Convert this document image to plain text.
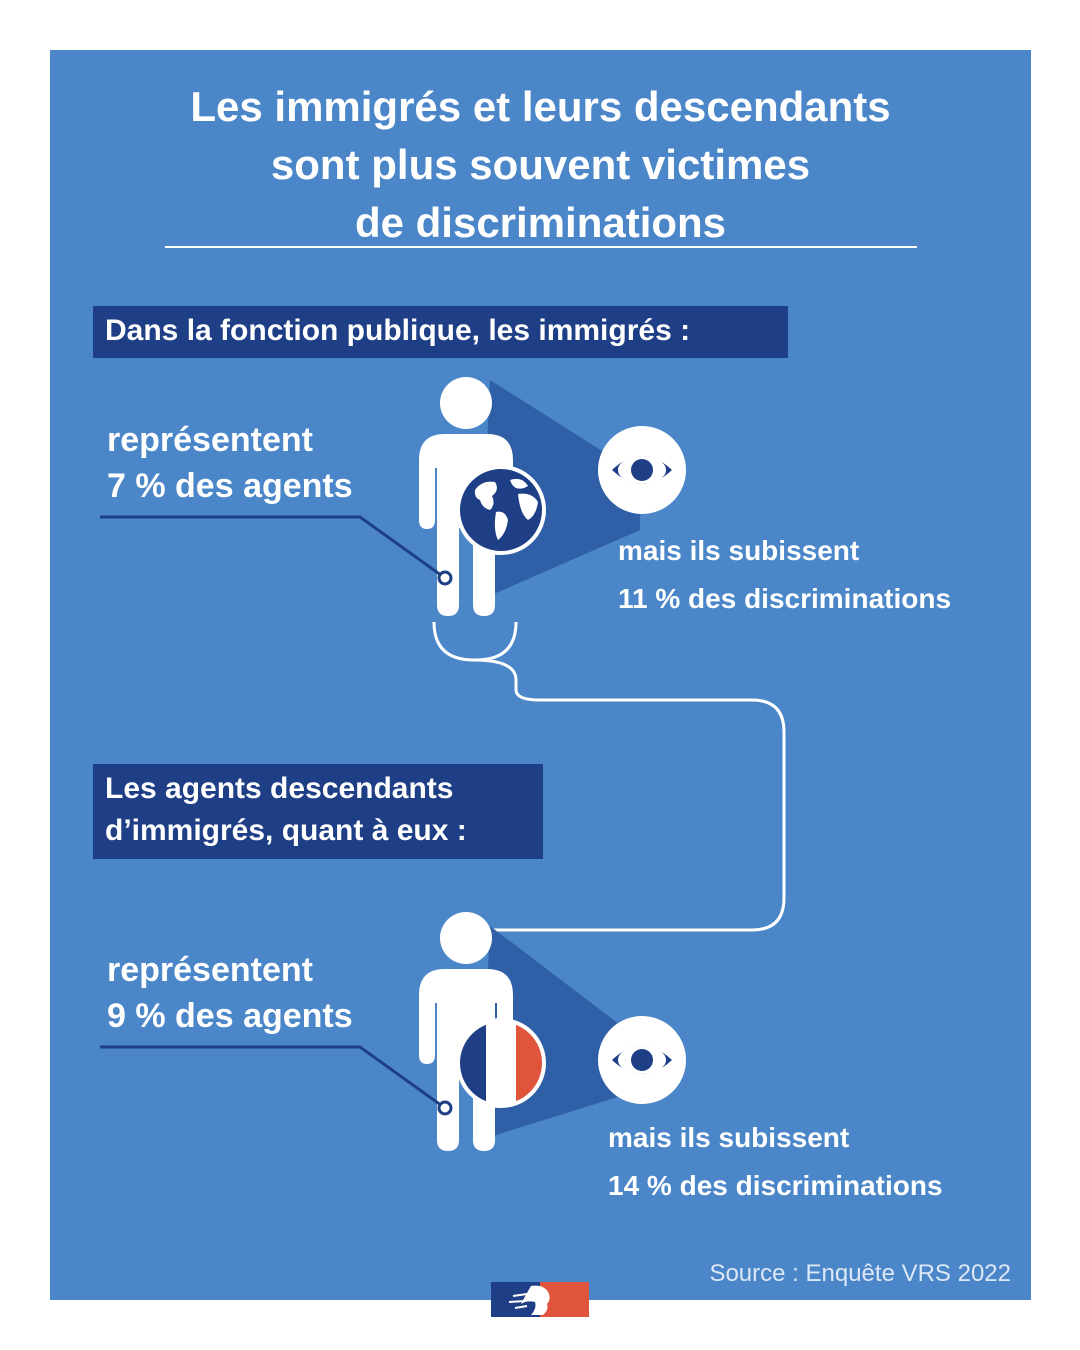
Les immigrés et leurs descendants
sont plus souvent victimes
de discriminations
Dans la fonction publique, les immigrés :
représentent
7 % des agents
mais ils subissent
11 % des discriminations
Les agents descendants
d’immigrés, quant à eux :
représentent
9 % des agents
mais ils subissent
14 % des discriminations
Source : Enquête VRS 2022
